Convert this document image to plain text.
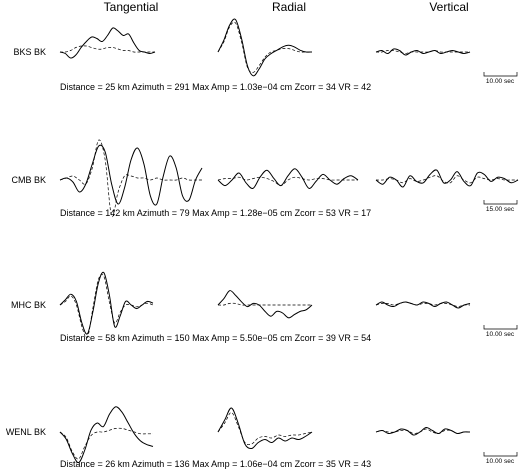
Tangential	Radial	Vertical
BKS BK
Distance = 25 km Azimuth = 291 Max Amp = 1.03e−04 cm Zcorr = 34 VR = 42
10.00 sec
CMB BK
Distance = 142 km Azimuth = 79 Max Amp = 1.28e−05 cm Zcorr = 53 VR = 17	15.00 sec
MHC BK
Distance = 58 km Azimuth = 150 Max Amp = 5.50e−05 cm Zcorr = 39 VR = 54	10.00 sec
WENL BK
Distance = 26 km Azimuth = 136 Max Amp = 1.06e−04 cm Zcorr = 35 VR = 43	10.00 sec
